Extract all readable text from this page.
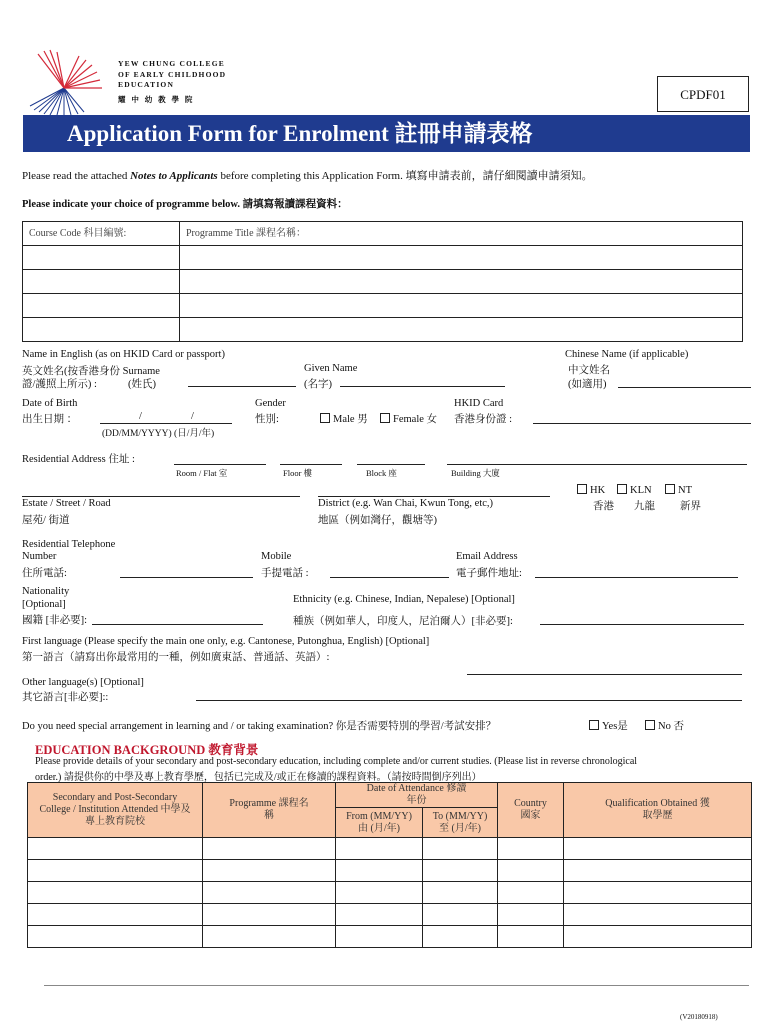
YEW CHUNG COLLEGE
OF EARLY CHILDHOOD
EDUCATION
耀 中 幼 教 學 院	CPDF01
Application Form for Enrolment 註冊申請表格
Please read the attached Notes to Applicants before completing this Application Form. 填寫申請表前，請仔細閱讀申請須知。
Please indicate your choice of programme below. 請填寫報讀課程資料：
Course Code 科目編號:	Programme Title 課程名稱：

Name in English (as on HKID Card or passport)
英文姓名(按香港身份 Surname
證/護照上所示) :	(姓氏)
Given Name
(名字)
Chinese Name (if applicable)
中文姓名
(如適用)
Date of Birth
出生日期 ：	/	/
(DD/MM/YYYY) (日/月/年)
Gender
性別:	Male 男	Female 女
HKID Card
香港身份證 :
Residential Address 住址 :
Room / Flat 室	Floor 樓	Block 座	Building 大廈
Estate / Street / Road
屋苑/ 街道
District (e.g. Wan Chai, Kwun Tong, etc,)
地區（例如灣仔，觀塘等)
HK	KLN	NT
香港 九龍 新界
Residential Telephone
Number
住所電話:
Mobile
手提電話 :
Email Address
電子郵件地址:
Nationality
[Optional]
國籍 [非必要]:
Ethnicity (e.g. Chinese, Indian, Nepalese) [Optional]
種族（例如華人，印度人，尼泊爾人）[非必要]:
First language (Please specify the main one only, e.g. Cantonese, Putonghua, English) [Optional]
第一語言（請寫出你最常用的一種，例如廣東話、普通話、英語）:
Other language(s) [Optional]
其它語言[非必要]::
Do you need special arrangement in learning and / or taking examination? 你是否需要特別的學習/考試安排？	Yes是	No 否
EDUCATION BACKGROUND 教育背景
Please provide details of your secondary and post-secondary education, including complete and/or current studies. (Please list in reverse chronological
order.) 請提供你的中學及專上教育學歷，包括已完成及/或正在修讀的課程資料。（請按時間倒序列出）
Secondary and Post-Secondary College / Institution Attended 中學及專上教育院校	Programme 課程名稱	Date of Attendance 修讀年份		Country 國家	Qualification Obtained 獲取學歷
		From (MM/YY) 由 (月/年)	To (MM/YY) 至 (月/年)		

(V20180918)
